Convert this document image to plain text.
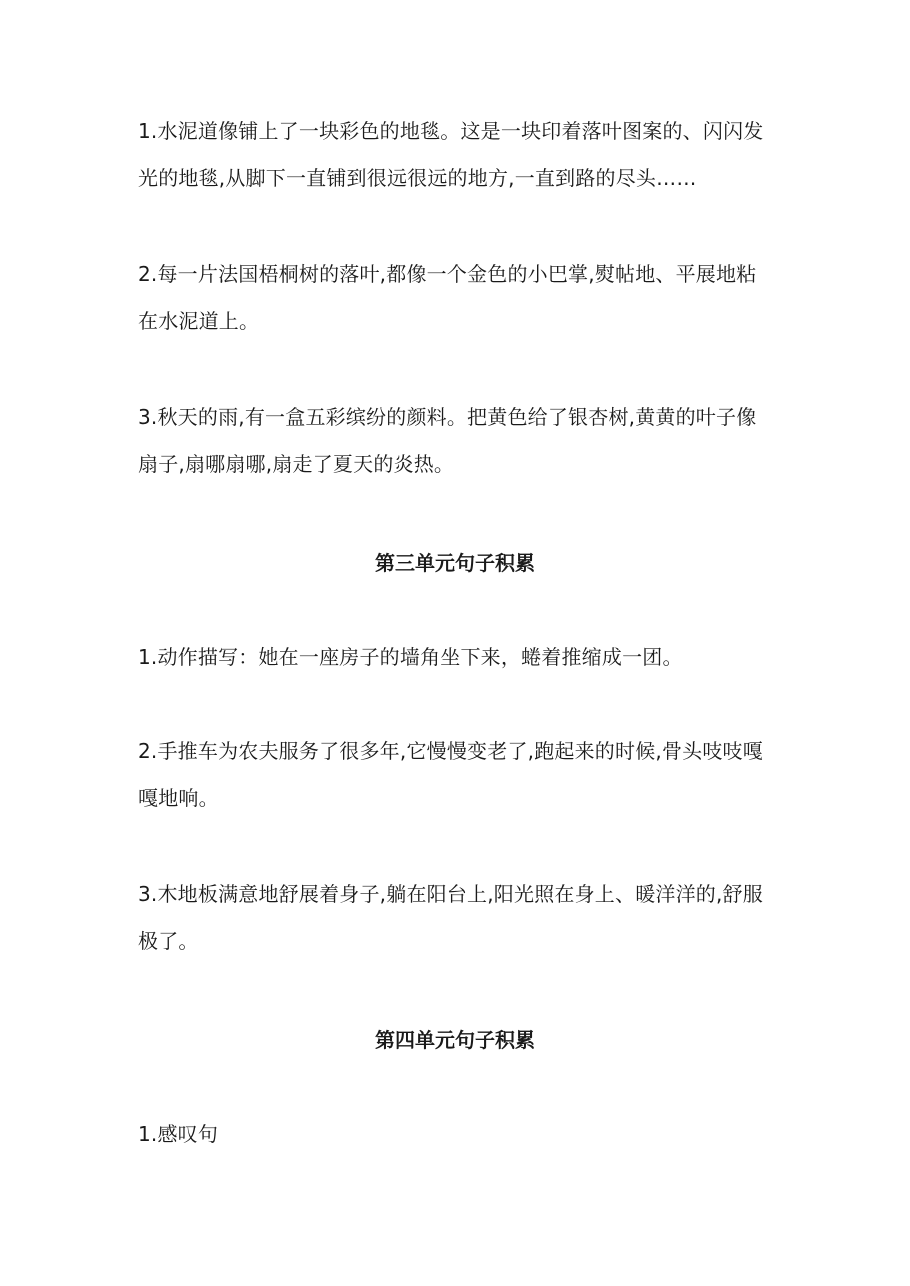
1.水泥道像铺上了一块彩色的地毯。这是一块印着落叶图案的、闪闪发光的地毯,从脚下一直铺到很远很远的地方,一直到路的尽头……

2.每一片法国梧桐树的落叶,都像一个金色的小巴掌,熨帖地、平展地粘在水泥道上。

3.秋天的雨,有一盒五彩缤纷的颜料。把黄色给了银杏树,黄黄的叶子像扇子,扇哪扇哪,扇走了夏天的炎热。

第三单元句子积累

1.动作描写：她在一座房子的墙角坐下来，蜷着推缩成一团。

2.手推车为农夫服务了很多年,它慢慢变老了,跑起来的时候,骨头吱吱嘎嘎地响。

3.木地板满意地舒展着身子,躺在阳台上,阳光照在身上、暖洋洋的,舒服极了。

第四单元句子积累

1.感叹句
